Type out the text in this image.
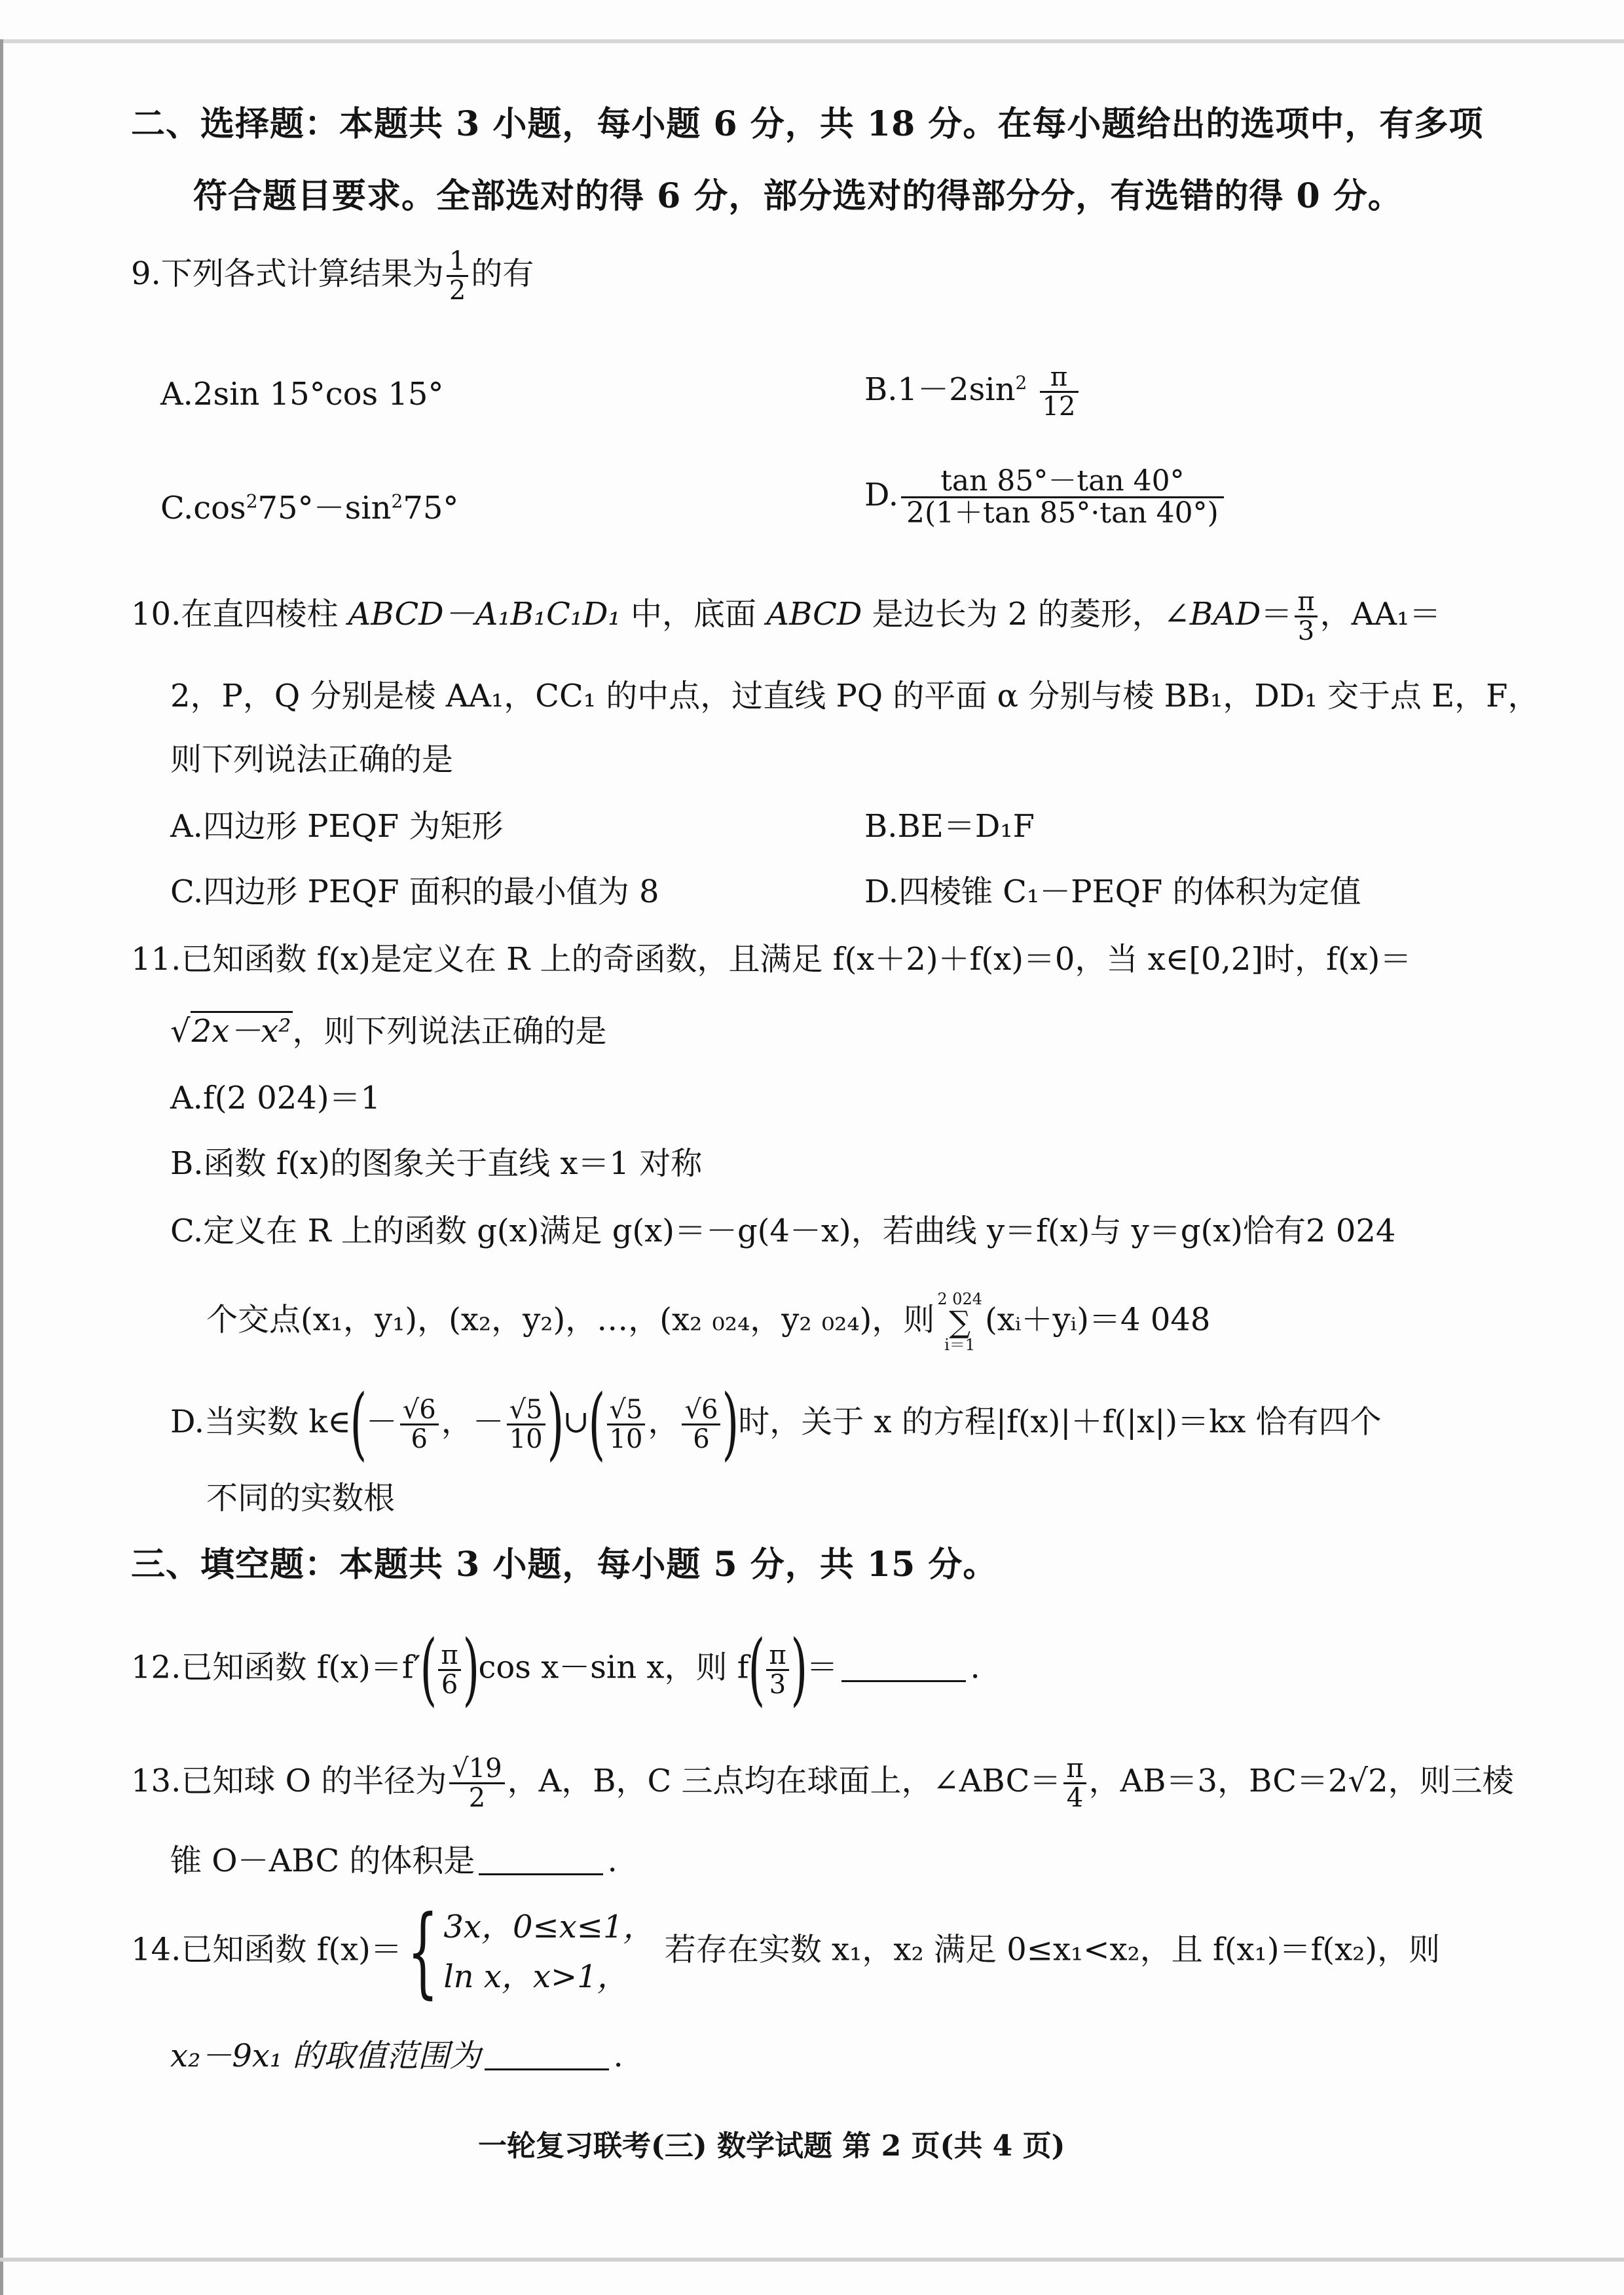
二、选择题：本题共 3 小题，每小题 6 分，共 18 分。在每小题给出的选项中，有多项
符合题目要求。全部选对的得 6 分，部分选对的得部分分，有选错的得 0 分。
9.下列各式计算结果为 $\frac{1}{2}$ 的有
A.2sin 15°cos 15°	$B.1-2\sin^2 \frac{\pi}{12}$
$C.\cos^275^\circ-\sin^275^\circ$	D. $\frac{\tan 85^\circ-\tan 40^\circ}{2(1+\tan 85^\circ\cdot\tan 40^\circ)}$
10.在直四棱柱 ABCD－A₁B₁C₁D₁ 中，底面 ABCD 是边长为 2 的菱形，∠BAD＝ $\frac{\pi}{3}$ ，AA₁＝
2，P，Q 分别是棱 AA₁，CC₁ 的中点，过直线 PQ 的平面 α 分别与棱 BB₁，DD₁ 交于点 E，F，
则下列说法正确的是
A.四边形 PEQF 为矩形	B.BE＝D₁F
C.四边形 PEQF 面积的最小值为 8	D.四棱锥 C₁－PEQF 的体积为定值
11.已知函数 f(x)是定义在 R 上的奇函数，且满足 f(x＋2)＋f(x)＝0，当 x∈[0,2]时，f(x)＝
√2x－x²，则下列说法正确的是
A.f(2 024)＝1
B.函数 f(x)的图象关于直线 x＝1 对称
C.定义在 R 上的函数 g(x)满足 g(x)＝－g(4－x)，若曲线 y＝f(x)与 y＝g(x)恰有2 024
个交点(x₁，y₁)，(x₂，y₂)，…，(x₂ ₀₂₄，y₂ ₀₂₄)，则
2 024
∑
i＝1
(xᵢ＋yᵢ)＝4 048
D.当实数 k∈(－ $\frac{√6}{6}$ ，－ $\frac{√5}{10}$ )∪( $\frac{√5}{10}$ ， $\frac{√6}{6}$ )时，关于 x 的方程|f(x)|＋f(|x|)＝kx 恰有四个
不同的实数根
三、填空题：本题共 3 小题，每小题 5 分，共 15 分。
12.已知函数 $f(x)=f'( \frac{\pi}{6} )\cos$ x－sin x，则 $f( \frac{\pi}{3}$ )＝	.
13.已知球 O 的半径为 $\frac{√19}{2}$ ，A，B，C 三点均在球面上，∠ABC＝ $\frac{\pi}{4}$ ，AB＝3，BC＝2√2，则三棱
锥 O－ABC 的体积是	.
14.已知函数 f(x)＝{ 3x，0≤x≤1，
ln x，x>1，
若存在实数 x₁，x₂ 满足 0≤x₁<x₂，且 f(x₁)＝f(x₂)，则
x₂－9x₁ 的取值范围为	.
一轮复习联考(三) 数学试题 第 2 页(共 4 页)
